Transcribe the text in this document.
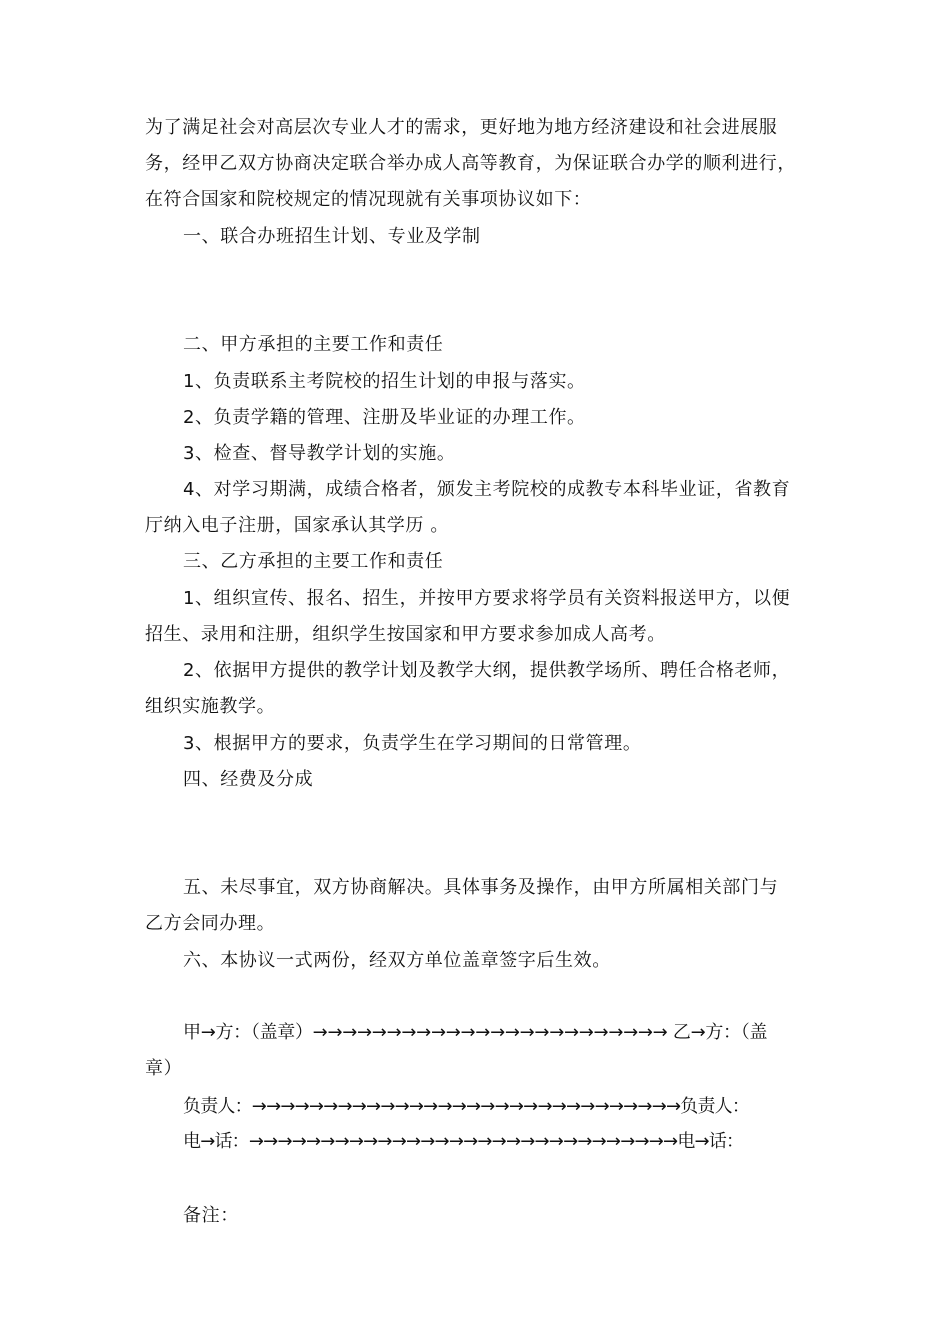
为了满足社会对高层次专业人才的需求，更好地为地方经济建设和社会进展服
务，经甲乙双方协商决定联合举办成人高等教育，为保证联合办学的顺利进行，
在符合国家和院校规定的情况现就有关事项协议如下：
一、联合办班招生计划、专业及学制
二、甲方承担的主要工作和责任
1、负责联系主考院校的招生计划的申报与落实。
2、负责学籍的管理、注册及毕业证的办理工作。
3、检查、督导教学计划的实施。
4、对学习期满，成绩合格者，颁发主考院校的成教专本科毕业证，省教育
厅纳入电子注册，国家承认其学历 。
三、乙方承担的主要工作和责任
1、组织宣传、报名、招生，并按甲方要求将学员有关资料报送甲方，以便
招生、录用和注册，组织学生按国家和甲方要求参加成人高考。
2、依据甲方提供的教学计划及教学大纲，提供教学场所、聘任合格老师，
组织实施教学。
3、根据甲方的要求，负责学生在学习期间的日常管理。
四、经费及分成
五、未尽事宜，双方协商解决。具体事务及操作，由甲方所属相关部门与
乙方会同办理。
六、本协议一式两份，经双方单位盖章签字后生效。
甲→方：（盖章）→→→→→→→→→→→→→→→→→→→→→→→→ 乙→方：（盖
章）
负责人：→→→→→→→→→→→→→→→→→→→→→→→→→→→→→→负责人：
电→话：→→→→→→→→→→→→→→→→→→→→→→→→→→→→→→电→话：
备注：
